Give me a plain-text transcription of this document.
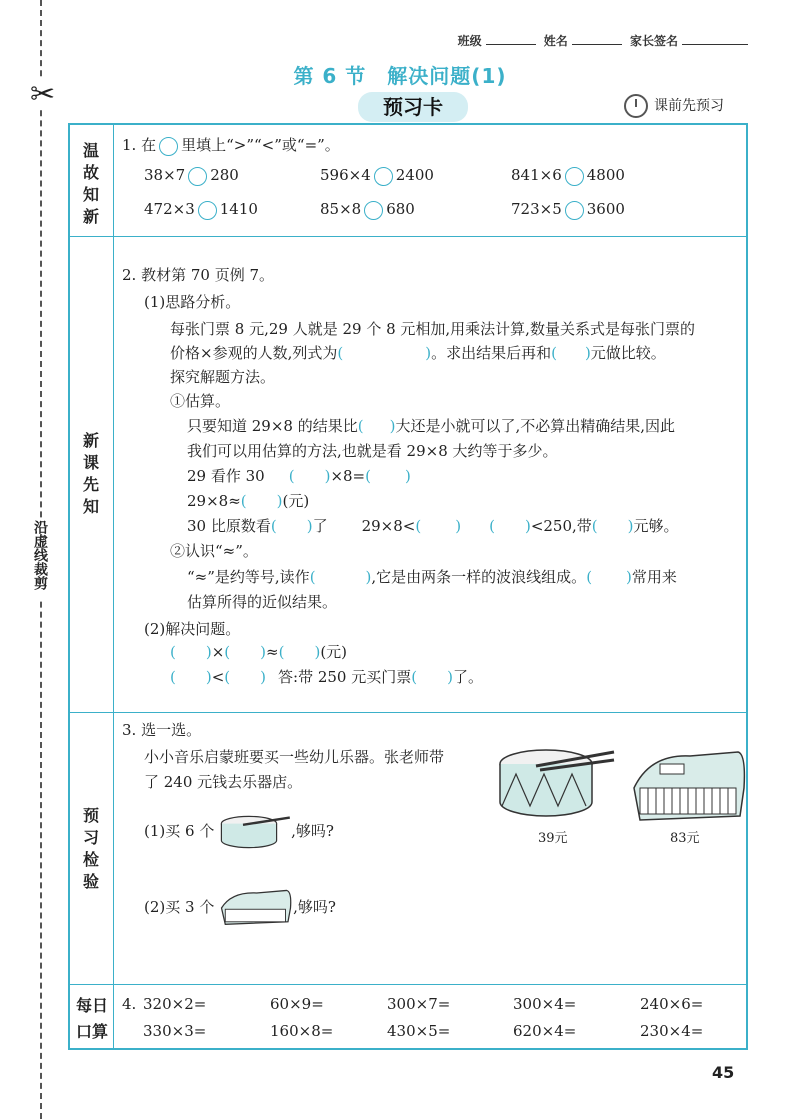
✂
沿虚线裁剪
班级	姓名	家长签名
第 6 节　解决问题(1)
预习卡	课前先预习
温故知新
新课先知
预习检验
每日口算
1. 在 里填上“>”“<”或“=”。
38×7 280	596×4 2400	841×6 4800
472×3 1410	85×8 680	723×5 3600
2. 教材第 70 页例 7。
(1)思路分析。
每张门票 8 元,29 人就是 29 个 8 元相加,用乘法计算,数量关系式是每张门票的
价格×参观的人数,列式为(	)。求出结果后再和( )元做比较。
探究解题方法。
①估算。
只要知道 29×8 的结果比( )大还是小就可以了,不必算出精确结果,因此
我们可以用估算的方法,也就是看 29×8 大约等于多少。
29 看作 30 ( )×8=( )
29×8≈( )(元)
30 比原数看( )了 29×8<( ) ( )<250,带( )元够。
②认识“≈”。
“≈”是约等号,读作(	),它是由两条一样的波浪线组成。( )常用来
估算所得的近似结果。
(2)解决问题。
( )×( )≈( )(元)
( )<( ) 答:带 250 元买门票( )了。
3. 选一选。
小小音乐启蒙班要买一些幼儿乐器。张老师带
了 240 元钱去乐器店。
39元	83元
(1)买 6 个	,够吗?
(2)买 3 个	,够吗?
4. 320×2=	60×9=	300×7=	300×4=	240×6=
330×3=	160×8=	430×5=	620×4=	230×4=
45
